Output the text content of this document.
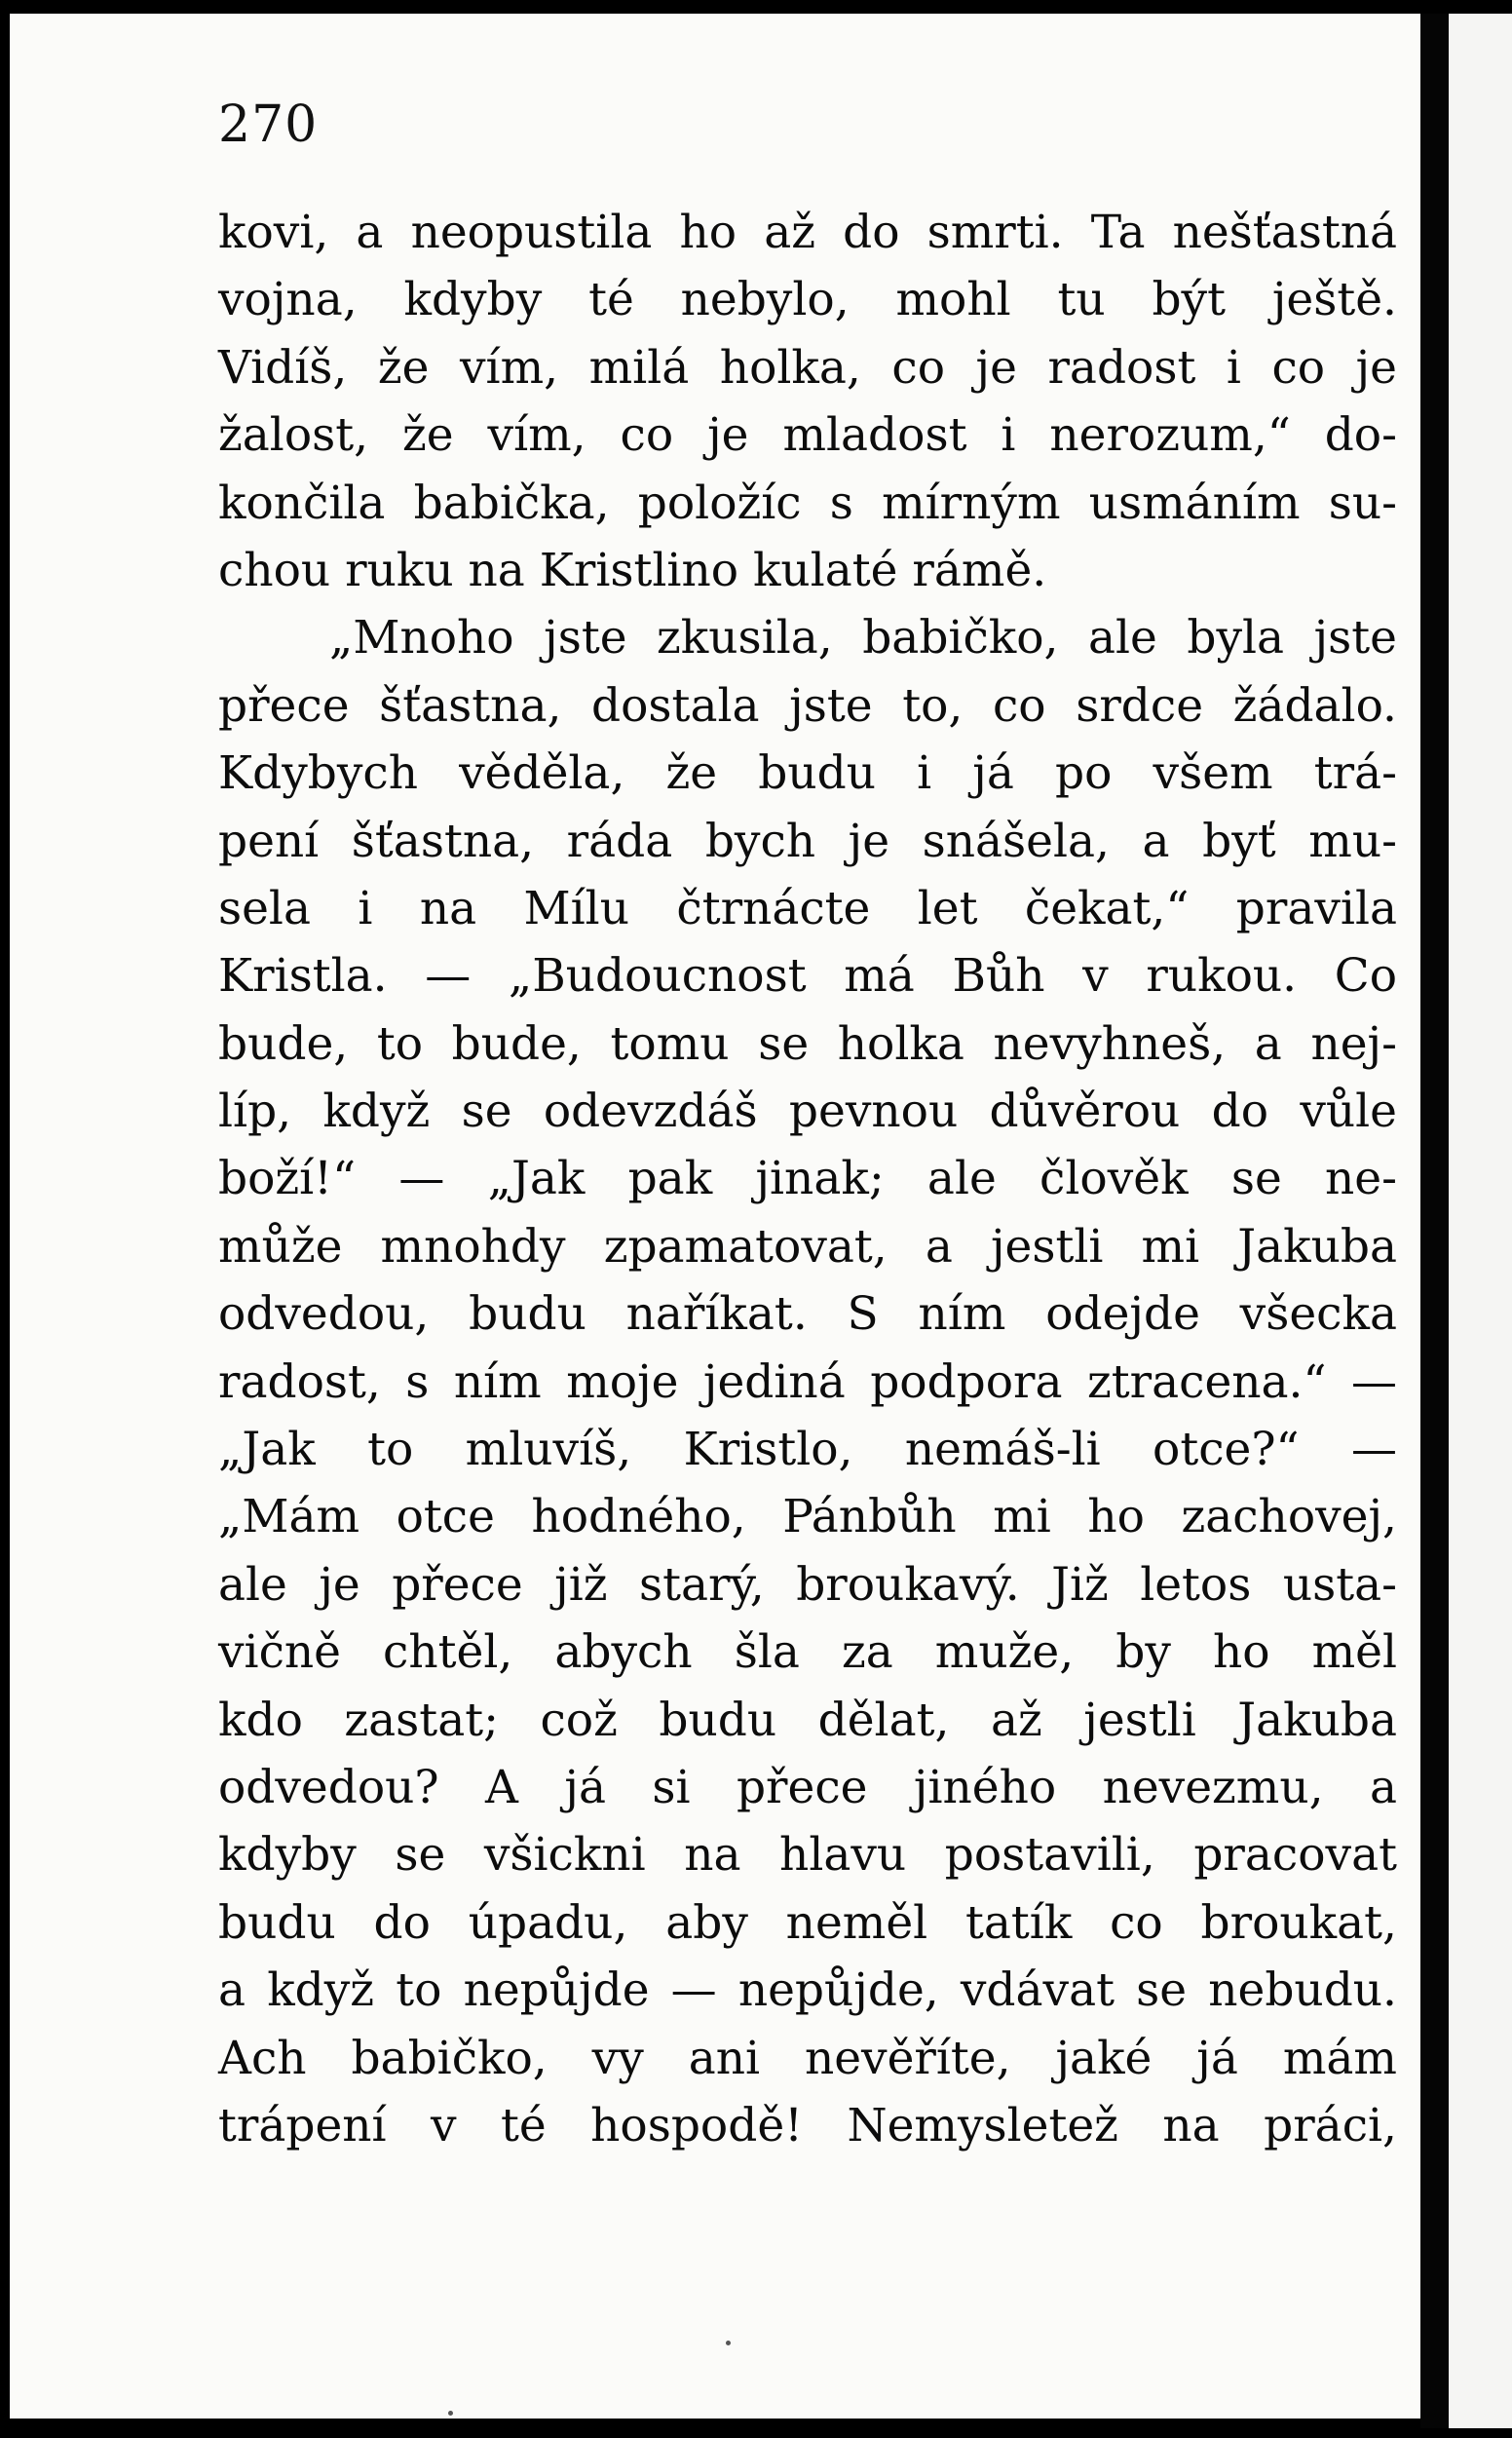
270
kovi, a neopustila ho až do smrti. Ta nešťastná
vojna, kdyby té nebylo, mohl tu být ještě.
Vidíš, že vím, milá holka, co je radost i co je
žalost, že vím, co je mladost i nerozum,“ do-
končila babička, položíc s mírným usmáním su-
chou ruku na Kristlino kulaté rámě.
„Mnoho jste zkusila, babičko, ale byla jste
přece šťastna, dostala jste to, co srdce žádalo.
Kdybych věděla, že budu i já po všem trá-
pení šťastna, ráda bych je snášela, a byť mu-
sela i na Mílu čtrnácte let čekat,“ pravila
Kristla. — „Budoucnost má Bůh v rukou. Co
bude, to bude, tomu se holka nevyhneš, a nej-
líp, když se odevzdáš pevnou důvěrou do vůle
boží!“ — „Jak pak jinak; ale člověk se ne-
může mnohdy zpamatovat, a jestli mi Jakuba
odvedou, budu naříkat. S ním odejde všecka
radost, s ním moje jediná podpora ztracena.“ —
„Jak to mluvíš, Kristlo, nemáš-li otce?“ —
„Mám otce hodného, Pánbůh mi ho zachovej,
ale je přece již starý, broukavý. Již letos usta-
vičně chtěl, abych šla za muže, by ho měl
kdo zastat; což budu dělat, až jestli Jakuba
odvedou? A já si přece jiného nevezmu, a
kdyby se všickni na hlavu postavili, pracovat
budu do úpadu, aby neměl tatík co broukat,
a když to nepůjde — nepůjde, vdávat se nebudu.
Ach babičko, vy ani nevěříte, jaké já mám
trápení v té hospodě! Nemysletež na práci,
